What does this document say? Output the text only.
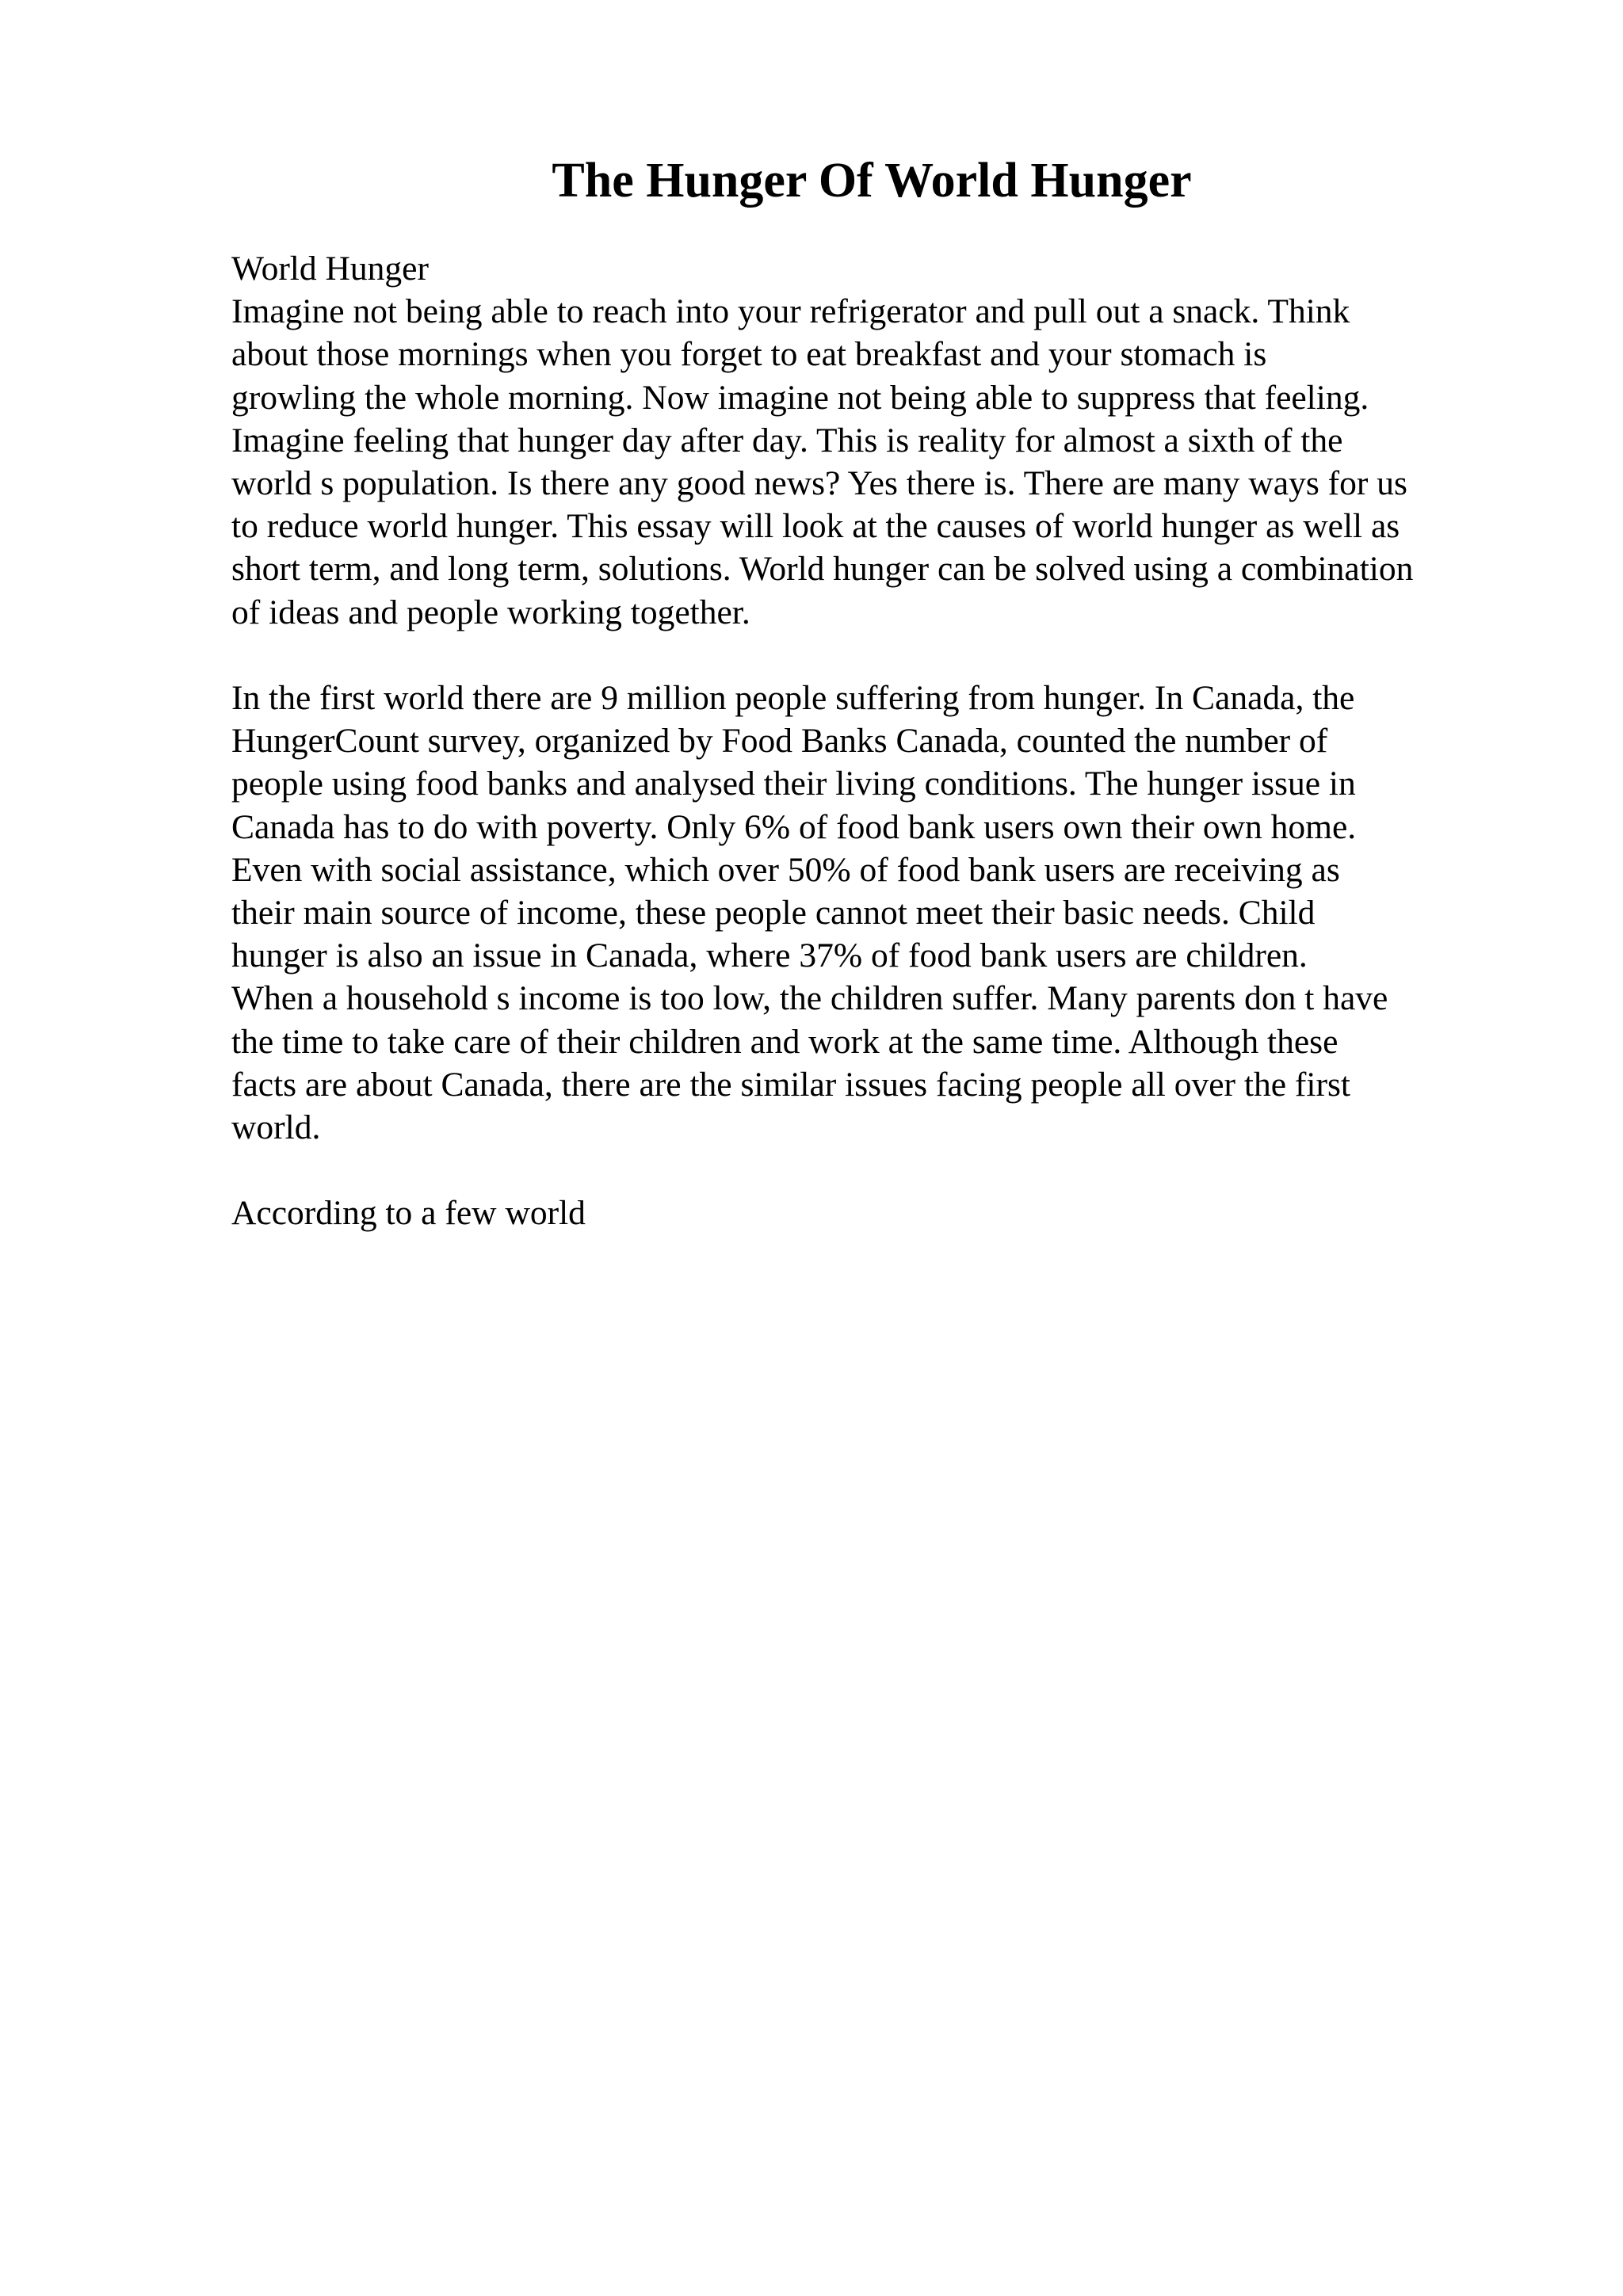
The Hunger Of World Hunger

World Hunger

Imagine not being able to reach into your refrigerator and pull out a snack. Think
about those mornings when you forget to eat breakfast and your stomach is
growling the whole morning. Now imagine not being able to suppress that feeling.
Imagine feeling that hunger day after day. This is reality for almost a sixth of the
world s population. Is there any good news? Yes there is. There are many ways for us
to reduce world hunger. This essay will look at the causes of world hunger as well as
short term, and long term, solutions. World hunger can be solved using a combination
of ideas and people working together.

In the first world there are 9 million people suffering from hunger. In Canada, the
HungerCount survey, organized by Food Banks Canada, counted the number of
people using food banks and analysed their living conditions. The hunger issue in
Canada has to do with poverty. Only 6% of food bank users own their own home.
Even with social assistance, which over 50% of food bank users are receiving as
their main source of income, these people cannot meet their basic needs. Child
hunger is also an issue in Canada, where 37% of food bank users are children.
When a household s income is too low, the children suffer. Many parents don t have
the time to take care of their children and work at the same time. Although these
facts are about Canada, there are the similar issues facing people all over the first
world.

According to a few world
